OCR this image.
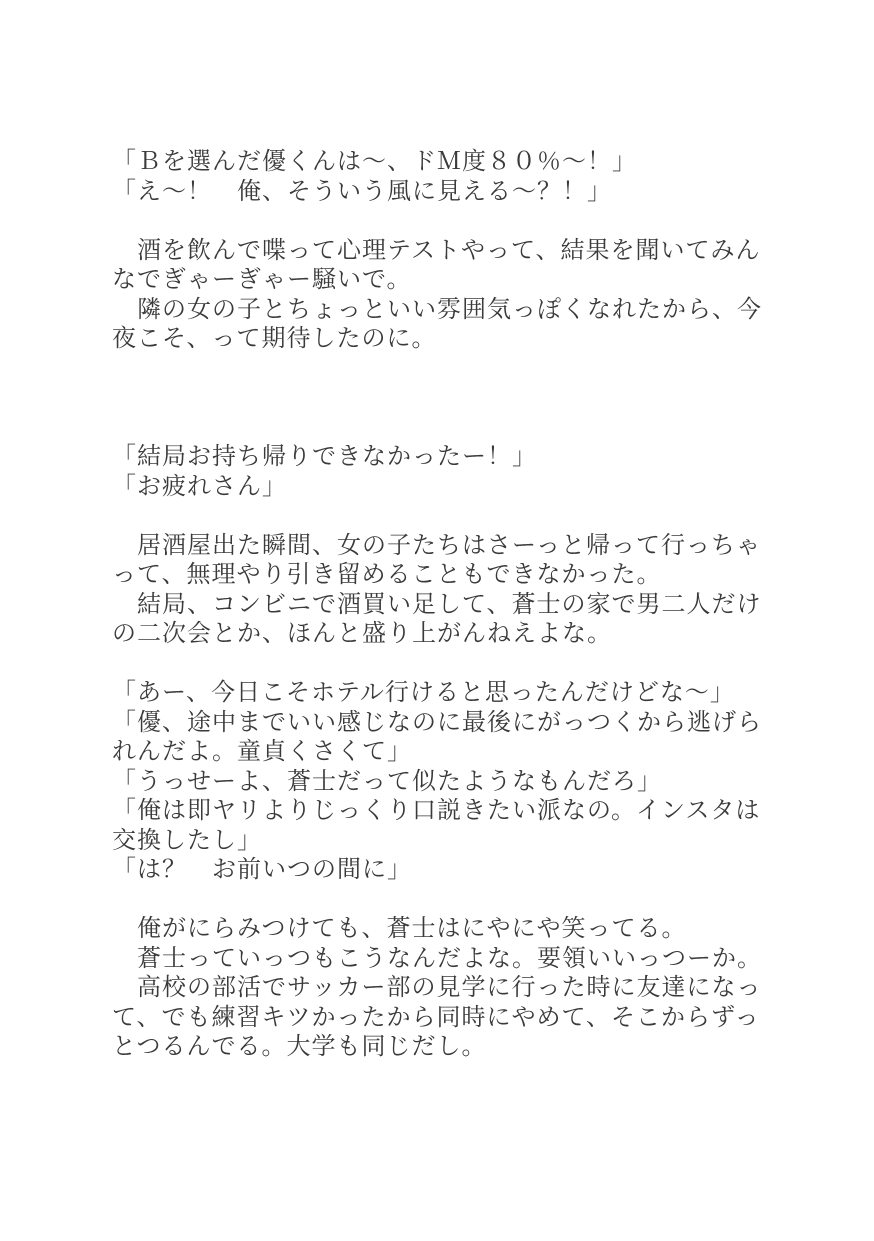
「Ｂを選んだ優くんは～、ドＭ度８０％～！」
「え～！　俺、そういう風に見える～？！」

　酒を飲んで喋って心理テストやって、結果を聞いてみん
なでぎゃーぎゃー騒いで。
　隣の女の子とちょっといい雰囲気っぽくなれたから、今
夜こそ、って期待したのに。

「結局お持ち帰りできなかったー！」
「お疲れさん」

　居酒屋出た瞬間、女の子たちはさーっと帰って行っちゃ
って、無理やり引き留めることもできなかった。
　結局、コンビニで酒買い足して、蒼士の家で男二人だけ
の二次会とか、ほんと盛り上がんねえよな。

「あー、今日こそホテル行けると思ったんだけどな～」
「優、途中までいい感じなのに最後にがっつくから逃げら
れんだよ。童貞くさくて」
「うっせーよ、蒼士だって似たようなもんだろ」
「俺は即ヤリよりじっくり口説きたい派なの。インスタは
交換したし」
「は？　お前いつの間に」

　俺がにらみつけても、蒼士はにやにや笑ってる。
　蒼士っていっつもこうなんだよな。要領いいっつーか。
　高校の部活でサッカー部の見学に行った時に友達になっ
て、でも練習キツかったから同時にやめて、そこからずっ
とつるんでる。大学も同じだし。
